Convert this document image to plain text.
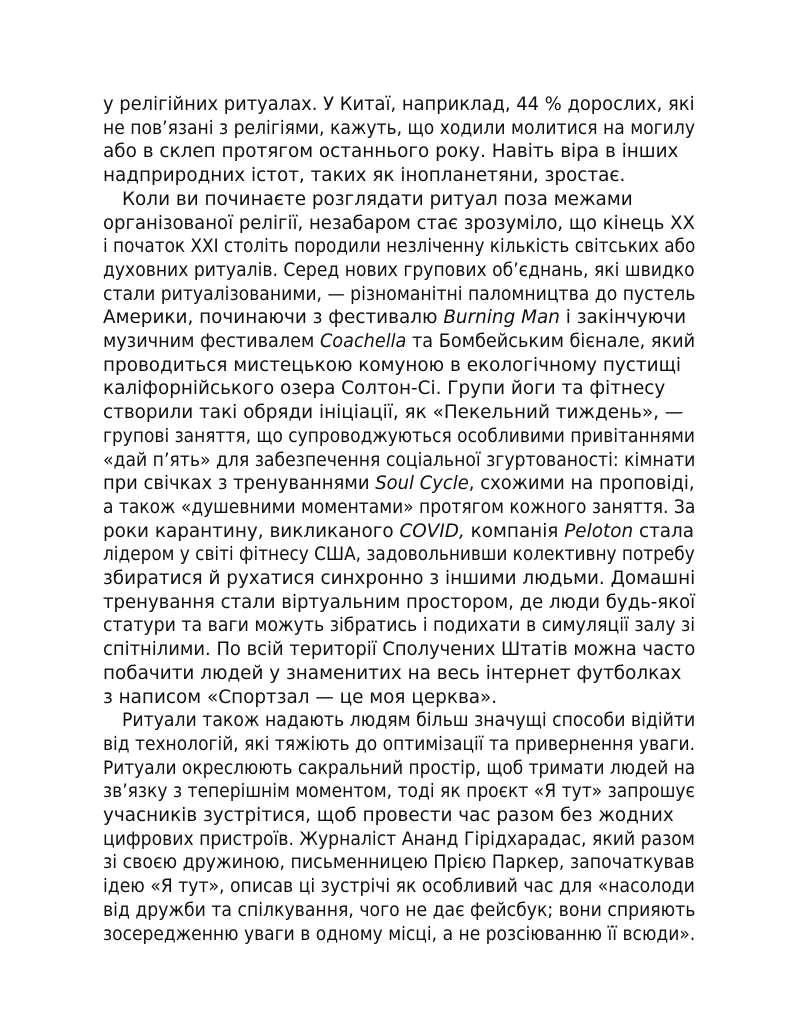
у релігійних ритуалах. У Китаї, наприклад, 44 % дорослих, які
не пов’язані з релігіями, кажуть, що ходили молитися на могилу
або в склеп протягом останнього року. Навіть віра в інших
надприродних істот, таких як інопланетяни, зростає.
Коли ви починаєте розглядати ритуал поза межами
організованої релігії, незабаром стає зрозуміло, що кінець XX
і початок XXI століть породили незліченну кількість світських або
духовних ритуалів. Серед нових групових об’єднань, які швидко
стали ритуалізованими, — різноманітні паломництва до пустель
Америки, починаючи з фестивалю Burning Man і закінчуючи
музичним фестивалем Coachella та Бомбейським бієнале, який
проводиться мистецькою комуною в екологічному пустищі
каліфорнійського озера Солтон-Сі. Групи йоги та фітнесу
створили такі обряди ініціації, як «Пекельний тиждень», —
групові заняття, що супроводжуються особливими привітаннями
«дай п’ять» для забезпечення соціальної згуртованості: кімнати
при свічках з тренуваннями Soul Cycle, схожими на проповіді,
а також «душевними моментами» протягом кожного заняття. За
роки карантину, викликаного COVID, компанія Peloton стала
лідером у світі фітнесу США, задовольнивши колективну потребу
збиратися й рухатися синхронно з іншими людьми. Домашні
тренування стали віртуальним простором, де люди будь-якої
статури та ваги можуть зібратись і подихати в симуляції залу зі
спітнілими. По всій території Сполучених Штатів можна часто
побачити людей у знаменитих на весь інтернет футболках
з написом «Спортзал — це моя церква».
Ритуали також надають людям більш значущі способи відійти
від технологій, які тяжіють до оптимізації та привернення уваги.
Ритуали окреслюють сакральний простір, щоб тримати людей на
зв’язку з теперішнім моментом, тоді як проєкт «Я тут» запрошує
учасників зустрітися, щоб провести час разом без жодних
цифрових пристроїв. Журналіст Ананд Гірідхарадас, який разом
зі своєю дружиною, письменницею Прією Паркер, започаткував
ідею «Я тут», описав ці зустрічі як особливий час для «насолоди
від дружби та спілкування, чого не дає фейсбук; вони сприяють
зосередженню уваги в одному місці, а не розсіюванню її всюди».
